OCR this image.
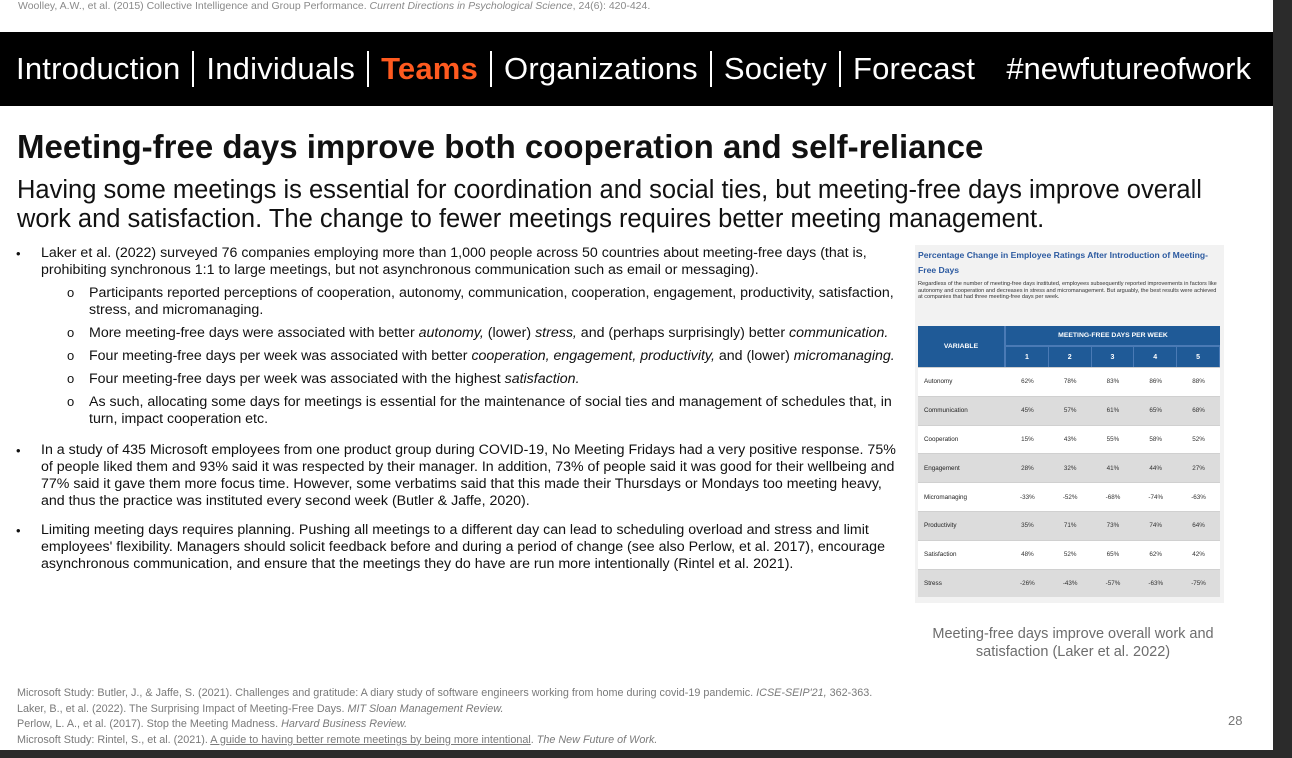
Woolley, A.W., et al. (2015) Collective Intelligence and Group Performance. Current Directions in Psychological Science, 24(6): 420-424.
Introduction Individuals Teams Organizations Society Forecast #newfutureofwork
Meeting-free days improve both cooperation and self-reliance

Having some meetings is essential for coordination and social ties, but meeting-free days improve overall work and satisfaction. The change to fewer meetings requires better meeting management.

• Laker et al. (2022) surveyed 76 companies employing more than 1,000 people across 50 countries about meeting-free days (that is, prohibiting synchronous 1:1 to large meetings, but not asynchronous communication such as email or messaging).
o Participants reported perceptions of cooperation, autonomy, communication, cooperation, engagement, productivity, satisfaction, stress, and micromanaging.
o More meeting-free days were associated with better autonomy, (lower) stress, and (perhaps surprisingly) better communication.
o Four meeting-free days per week was associated with better cooperation, engagement, productivity, and (lower) micromanaging.
o Four meeting-free days per week was associated with the highest satisfaction.
o As such, allocating some days for meetings is essential for the maintenance of social ties and management of schedules that, in turn, impact cooperation etc.
• In a study of 435 Microsoft employees from one product group during COVID-19, No Meeting Fridays had a very positive response. 75% of people liked them and 93% said it was respected by their manager. In addition, 73% of people said it was good for their wellbeing and 77% said it gave them more focus time. However, some verbatims said that this made their Thursdays or Mondays too meeting heavy, and thus the practice was instituted every second week (Butler & Jaffe, 2020).
• Limiting meeting days requires planning. Pushing all meetings to a different day can lead to scheduling overload and stress and limit employees' flexibility. Managers should solicit feedback before and during a period of change (see also Perlow, et al. 2017), encourage asynchronous communication, and ensure that the meetings they do have are run more intentionally (Rintel et al. 2021).
Percentage Change in Employee Ratings After Introduction of Meeting-Free Days
Regardless of the number of meeting-free days instituted, employees subsequently reported improvements in factors like autonomy and cooperation and decreases in stress and micromanagement. But arguably, the best results were achieved at companies that had three meeting-free days per week.
VARIABLE	MEETING-FREE DAYS PER WEEK				
	1	2	3	4	5
Autonomy	62%	78%	83%	86%	88%
Communication	45%	57%	61%	65%	68%
Cooperation	15%	43%	55%	58%	52%
Engagement	28%	32%	41%	44%	27%
Micromanaging	-33%	-52%	-68%	-74%	-63%
Productivity	35%	71%	73%	74%	64%
Satisfaction	48%	52%	65%	62%	42%
Stress	-26%	-43%	-57%	-63%	-75%
Meeting-free days improve overall work and satisfaction (Laker et al. 2022)
Microsoft Study: Butler, J., & Jaffe, S. (2021). Challenges and gratitude: A diary study of software engineers working from home during covid-19 pandemic. ICSE-SEIP'21, 362-363.
Laker, B., et al. (2022). The Surprising Impact of Meeting-Free Days. MIT Sloan Management Review.
Perlow, L. A., et al. (2017). Stop the Meeting Madness. Harvard Business Review.
Microsoft Study: Rintel, S., et al. (2021). A guide to having better remote meetings by being more intentional. The New Future of Work.
28
